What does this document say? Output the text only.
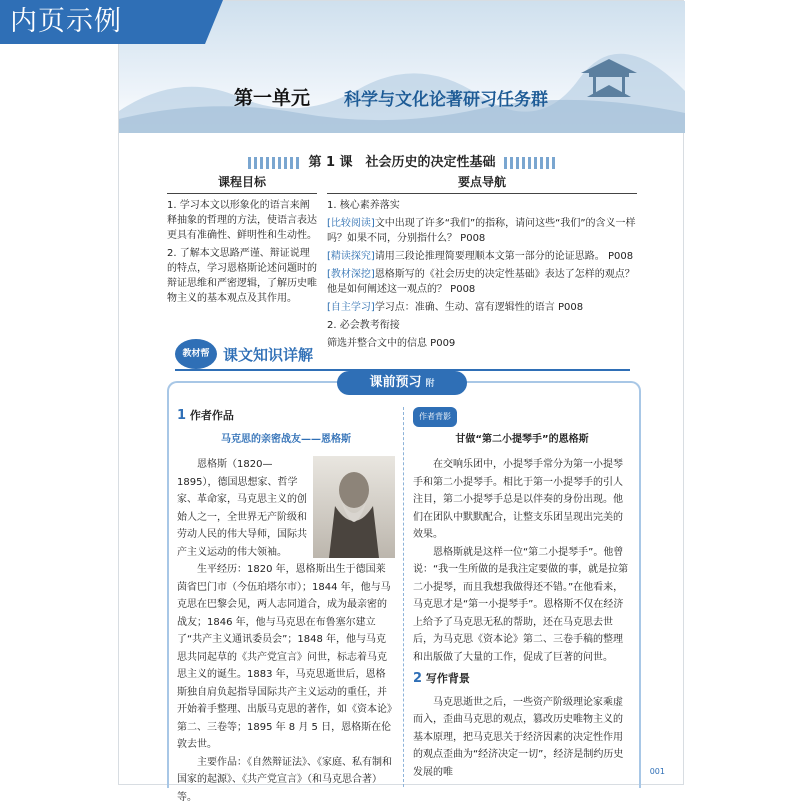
内页示例
第一单元 科学与文化论著研习任务群
第 1 课　社会历史的决定性基础
课程目标

1. 学习本文以形象化的语言来阐释抽象的哲理的方法，使语言表达更具有准确性、鲜明性和生动性。

2. 了解本文思路严谨、辩证说理的特点，学习恩格斯论述问题时的辩证思维和严密逻辑，了解历史唯物主义的基本观点及其作用。

要点导航

1. 核心素养落实

[比较阅读]文中出现了许多“我们”的指称，请问这些“我们”的含义一样吗？如果不同，分别指什么？ P008

[精读探究]请用三段论推理简要理顺本文第一部分的论证思路。 P008

[教材深挖]恩格斯写的《社会历史的决定性基础》表达了怎样的观点？他是如何阐述这一观点的？ P008

[自主学习]学习点：准确、生动、富有逻辑性的语言 P008

2. 必会教考衔接

筛选并整合文中的信息 P009

教材帮 课文知识详解
课前预习 附
1 作者作品
马克思的亲密战友——恩格斯

恩格斯（1820—1895），德国思想家、哲学家、革命家，马克思主义的创始人之一，全世界无产阶级和劳动人民的伟大导师，国际共产主义运动的伟大领袖。

生平经历：1820 年，恩格斯出生于德国莱茵省巴门市（今伍珀塔尔市）；1844 年，他与马克思在巴黎会见，两人志同道合，成为最亲密的战友；1846 年，他与马克思在布鲁塞尔建立了“共产主义通讯委员会”；1848 年，他与马克思共同起草的《共产党宣言》问世，标志着马克思主义的诞生。1883 年，马克思逝世后，恩格斯独自肩负起指导国际共产主义运动的重任，并开始着手整理、出版马克思的著作，如《资本论》第二、三卷等；1895 年 8 月 5 日，恩格斯在伦敦去世。

主要作品：《自然辩证法》、《家庭、私有制和国家的起源》、《共产党宣言》（和马克思合著）等。

作者背影
甘做“第二小提琴手”的恩格斯

在交响乐团中，小提琴手常分为第一小提琴手和第二小提琴手。相比于第一小提琴手的引人注目，第二小提琴手总是以伴奏的身份出现。他们在团队中默默配合，让整支乐团呈现出完美的效果。

恩格斯就是这样一位“第二小提琴手”。他曾说：“我一生所做的是我注定要做的事，就是拉第二小提琴，而且我想我做得还不错。”在他看来，马克思才是“第一小提琴手”。恩格斯不仅在经济上给予了马克思无私的帮助，还在马克思去世后，为马克思《资本论》第二、三卷手稿的整理和出版做了大量的工作，促成了巨著的问世。

2 写作背景

马克思逝世之后，一些资产阶级理论家乘虚而入，歪曲马克思的观点，篡改历史唯物主义的基本原理，把马克思关于经济因素的决定性作用的观点歪曲为“经济决定一切”，经济是制约历史发展的唯	001
